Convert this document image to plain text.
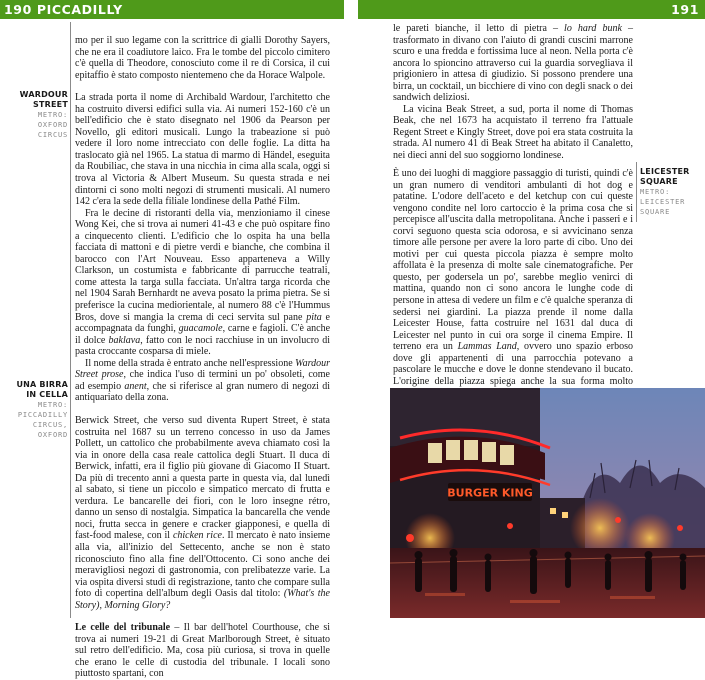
190 PICCADILLY	191
WARDOUR
STREET
METRO:
OXFORD
CIRCUS
UNA BIRRA
IN CELLA
METRO:
PICCADILLY
CIRCUS,
OXFORD

mo per il suo legame con la scrittrice di gialli Dorothy Sayers, che ne era il coadiutore laico. Fra le tombe del piccolo cimitero c'è quella di Theodore, conosciuto come il re di Corsica, il cui epitaffio è stato composto nientemeno che da Horace Walpole.

La strada porta il nome di Archibald Wardour, l'architetto che ha costruito diversi edifici sulla via. Ai numeri 152-160 c'è un bell'edificio che è stato disegnato nel 1906 da Pearson per Novello, gli editori musicali. Lungo la trabeazione si può vedere il loro nome intrecciato con delle foglie. La ditta ha traslocato già nel 1965. La statua di marmo di Händel, eseguita da Roubiliac, che stava in una nicchia in cima alla scala, oggi si trova al Victoria & Albert Museum. Su questa strada e nei dintorni ci sono molti negozi di strumenti musicali. Al numero 142 c'era la sede della filiale londinese della Pathé Film.

Fra le decine di ristoranti della via, menzioniamo il cinese Wong Kei, che si trova ai numeri 41-43 e che può ospitare fino a cinquecento clienti. L'edificio che lo ospita ha una bella facciata di mattoni e di pietre verdi e bianche, che combina il barocco con l'Art Nouveau. Esso apparteneva a Willy Clarkson, un costumista e fabbricante di parrucche teatrali, come attesta la targa sulla facciata. Un'altra targa ricorda che nel 1904 Sarah Bernhardt ne aveva posato la prima pietra. Se si preferisce la cucina mediorientale, al numero 88 c'è l'Hummus Bros, dove si mangia la crema di ceci servita sul pane pita e accompagnata da funghi, guacamole, carne e fagioli. C'è anche il dolce baklava, fatto con le noci racchiuse in un involucro di pasta croccante cosparsa di miele.

Il nome della strada è entrato anche nell'espressione Wardour Street prose, che indica l'uso di termini un po' obsoleti, come ad esempio anent, che si riferisce al gran numero di negozi di antiquariato della zona.

Berwick Street, che verso sud diventa Rupert Street, è stata costruita nel 1687 su un terreno concesso in uso da James Pollett, un cattolico che probabilmente aveva chiamato così la via in onore della casa reale cattolica degli Stuart. Il duca di Berwick, infatti, era il figlio più giovane di Giacomo II Stuart. Da più di trecento anni a questa parte in questa via, dal lunedì al sabato, si tiene un piccolo e simpatico mercato di frutta e verdura. Le bancarelle dei fiori, con le loro insegne rétro, danno un senso di nostalgia. Simpatica la bancarella che vende noci, frutta secca in genere e cracker giapponesi, e quella di fast-food malese, con il chicken rice. Il mercato è nato insieme alla via, all'inizio del Settecento, anche se non è stato riconosciuto fino alla fine dell'Ottocento. Ci sono anche dei meravigliosi negozi di gastronomia, con prelibatezze varie. La via ospita diversi studi di registrazione, tanto che compare sulla foto di copertina dell'album degli Oasis dal titolo: (What's the Story), Morning Glory?

Le celle del tribunale – Il bar dell'hotel Courthouse, che si trova ai numeri 19-21 di Great Marlborough Street, è situato sul retro dell'edificio. Ma, cosa più curiosa, si trova in quelle che erano le celle di custodia del tribunale. I locali sono piuttosto spartani, con

le pareti bianche, il letto di pietra – lo hard bunk – trasformato in divano con l'aiuto di grandi cuscini marrone scuro e una fredda e fortissima luce al neon. Nella porta c'è ancora lo spioncino attraverso cui la guardia sorvegliava il prigioniero in attesa di giudizio. Si possono prendere una birra, un cocktail, un bicchiere di vino con degli snack o dei sandwich deliziosi.

La vicina Beak Street, a sud, porta il nome di Thomas Beak, che nel 1673 ha acquistato il terreno fra l'attuale Regent Street e Kingly Street, dove poi era stata costruita la strada. Al numero 41 di Beak Street ha abitato il Canaletto, nei dieci anni del suo soggiorno londinese.

È uno dei luoghi di maggiore passaggio di turisti, quindi c'è un gran numero di venditori ambulanti di hot dog e patatine. L'odore dell'aceto e del ketchup con cui queste vengono condite nel loro cartoccio è la prima cosa che si percepisce all'uscita dalla metropolitana. Anche i passeri e i corvi seguono questa scia odorosa, e si avvicinano senza timore alle persone per avere la loro parte di cibo. Uno dei motivi per cui questa piccola piazza è sempre molto affollata è la presenza di molte sale cinematografiche. Per questo, per godersela un po', sarebbe meglio venirci di mattina, quando non ci sono ancora le lunghe code di persone in attesa di vedere un film e c'è qualche speranza di sedersi nei giardini. La piazza prende il nome dalla Leicester House, fatta costruire nel 1631 dal duca di Leicester nel punto in cui ora sorge il cinema Empire. Il terreno era un Lammas Land, ovvero uno spazio erboso dove gli appartenenti di una parrocchia potevano a pascolare le mucche e dove le donne stendevano il bucato. L'origine della piazza spiega anche la sua forma molto

LEICESTER
SQUARE
METRO:
LEICESTER
SQUARE
BURGER KING
